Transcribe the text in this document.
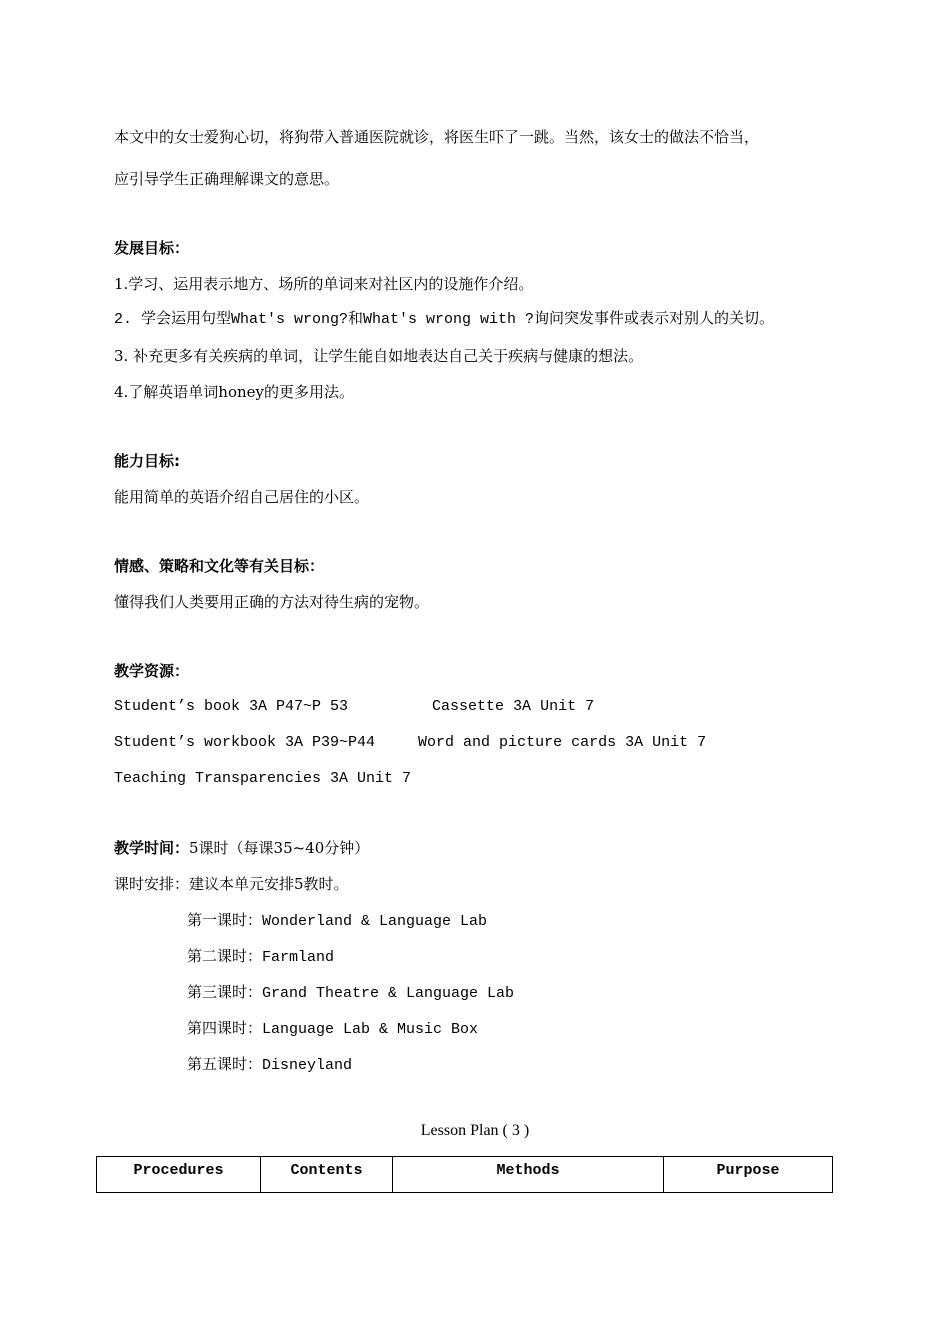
本文中的女士爱狗心切，将狗带入普通医院就诊，将医生吓了一跳。当然，该女士的做法不恰当，
应引导学生正确理解课文的意思。
发展目标：
1.学习、运用表示地方、场所的单词来对社区内的设施作介绍。
2. 学会运用句型What's wrong?和What's wrong with ?询问突发事件或表示对别人的关切。
3. 补充更多有关疾病的单词，让学生能自如地表达自己关于疾病与健康的想法。
4.了解英语单词honey的更多用法。
能力目标:
能用简单的英语介绍自己居住的小区。
情感、策略和文化等有关目标：
懂得我们人类要用正确的方法对待生病的宠物。
教学资源：
Student’s book 3A P47~P 53	Cassette 3A Unit 7
Student’s workbook 3A P39~P44	Word and picture cards 3A Unit 7
Teaching Transparencies 3A Unit 7
教学时间：5课时（每课35~40分钟）
课时安排：建议本单元安排5教时。
第一课时：Wonderland & Language Lab
第二课时：Farmland
第三课时：Grand Theatre & Language Lab
第四课时：Language Lab & Music Box
第五课时：Disneyland
Lesson Plan ( 3 )
Procedures	Contents	Methods	Purpose
